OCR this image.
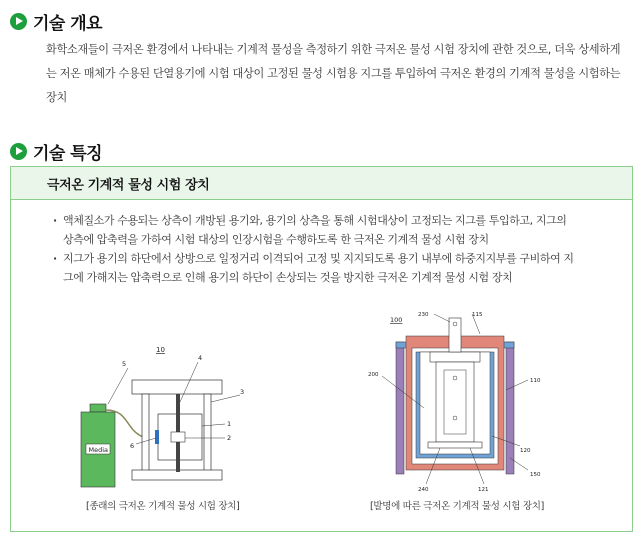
기술 개요
화학소재들이 극저온 환경에서 나타내는 기계적 물성을 측정하기 위한 극저온 물성 시험 장치에 관한 것으로, 더욱 상세하게
는 저온 매체가 수용된 단열용기에 시험 대상이 고정된 물성 시험용 지그를 투입하여 극저온 환경의 기계적 물성을 시험하는
장치
기술 특징
극저온 기계적 물성 시험 장치
· 액체질소가 수용되는 상측이 개방된 용기와, 용기의 상측을 통해 시험대상이 고정되는 지그를 투입하고, 지그의
상측에 압축력을 가하여 시험 대상의 인장시험을 수행하도록 한 극저온 기계적 물성 시험 장치
· 지그가 용기의 하단에서 상방으로 일정거리 이격되어 고정 및 지지되도록 용기 내부에 하중지지부를 구비하여 지
그에 가해지는 압축력으로 인해 용기의 하단이 손상되는 것을 방지한 극저온 기계적 물성 시험 장치
10
Media
5
4
3
1
2
6
[종래의 극저온 기계적 물성 시험 장치]
100
230	115
200
110
120
150
240	121
[발명에 따른 극저온 기계적 물성 시험 장치]
